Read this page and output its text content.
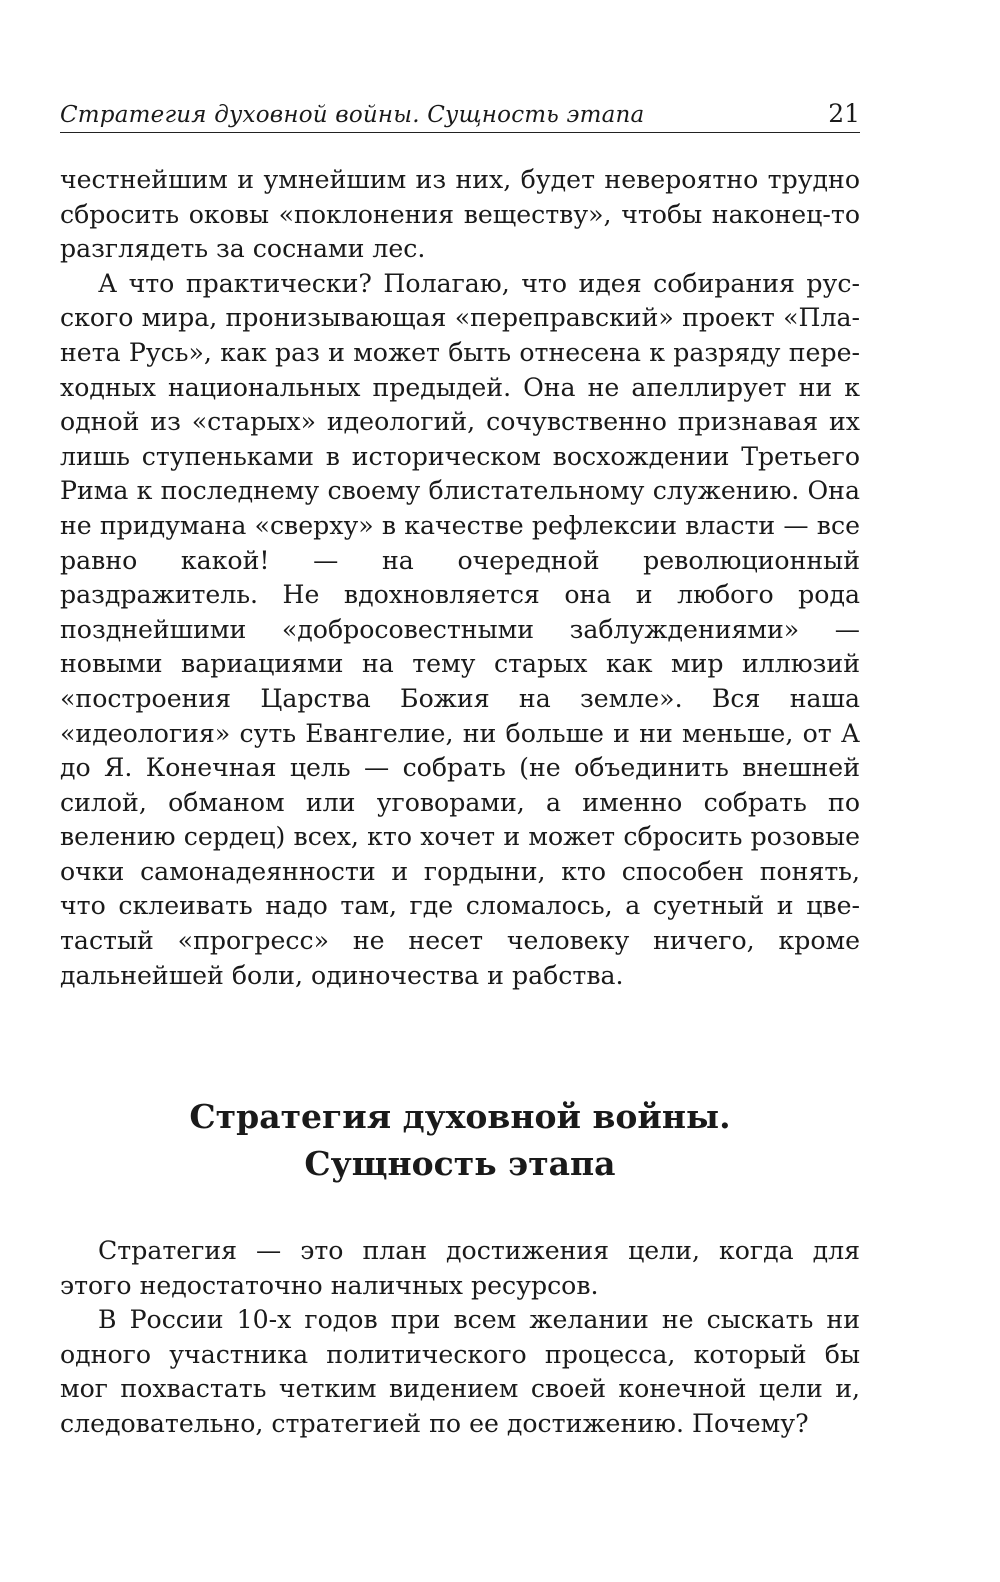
Стратегия духовной войны. Сущность этапа	21

честнейшим и умнейшим из них, будет невероятно трудно сбросить оковы «поклонения веществу», чтобы наконец-то разглядеть за соснами лес.

А что практически? Полагаю, что идея собирания русского мира, пронизывающая «переправский» проект «Планета Русь», как раз и может быть отнесена к разряду переходных национальных предыдей. Она не апеллирует ни к одной из «старых» идеологий, сочувственно признавая их лишь ступеньками в историческом восхождении Третьего Рима к последнему своему блистательному служению. Она не придумана «сверху» в качестве рефлексии власти — все равно какой! — на очередной революционный раздражитель. Не вдохновляется она и любого рода позднейшими «добросовестными заблуждениями» — новыми вариациями на тему старых как мир иллюзий «построения Царства Божия на земле». Вся наша «идеология» суть Евангелие, ни больше и ни меньше, от А до Я. Конечная цель — собрать (не объединить внешней силой, обманом или уговорами, а именно собрать по велению сердец) всех, кто хочет и может сбросить розовые очки самонадеянности и гордыни, кто способен понять, что склеивать надо там, где сломалось, а суетный и цветастый «прогресс» не несет человеку ничего, кроме дальнейшей боли, одиночества и рабства.

Стратегия духовной войны.
Сущность этапа

Стратегия — это план достижения цели, когда для этого недостаточно наличных ресурсов.

В России 10-х годов при всем желании не сыскать ни одного участника политического процесса, который бы мог похвастать четким видением своей конечной цели и, следовательно, стратегией по ее достижению. Почему?
